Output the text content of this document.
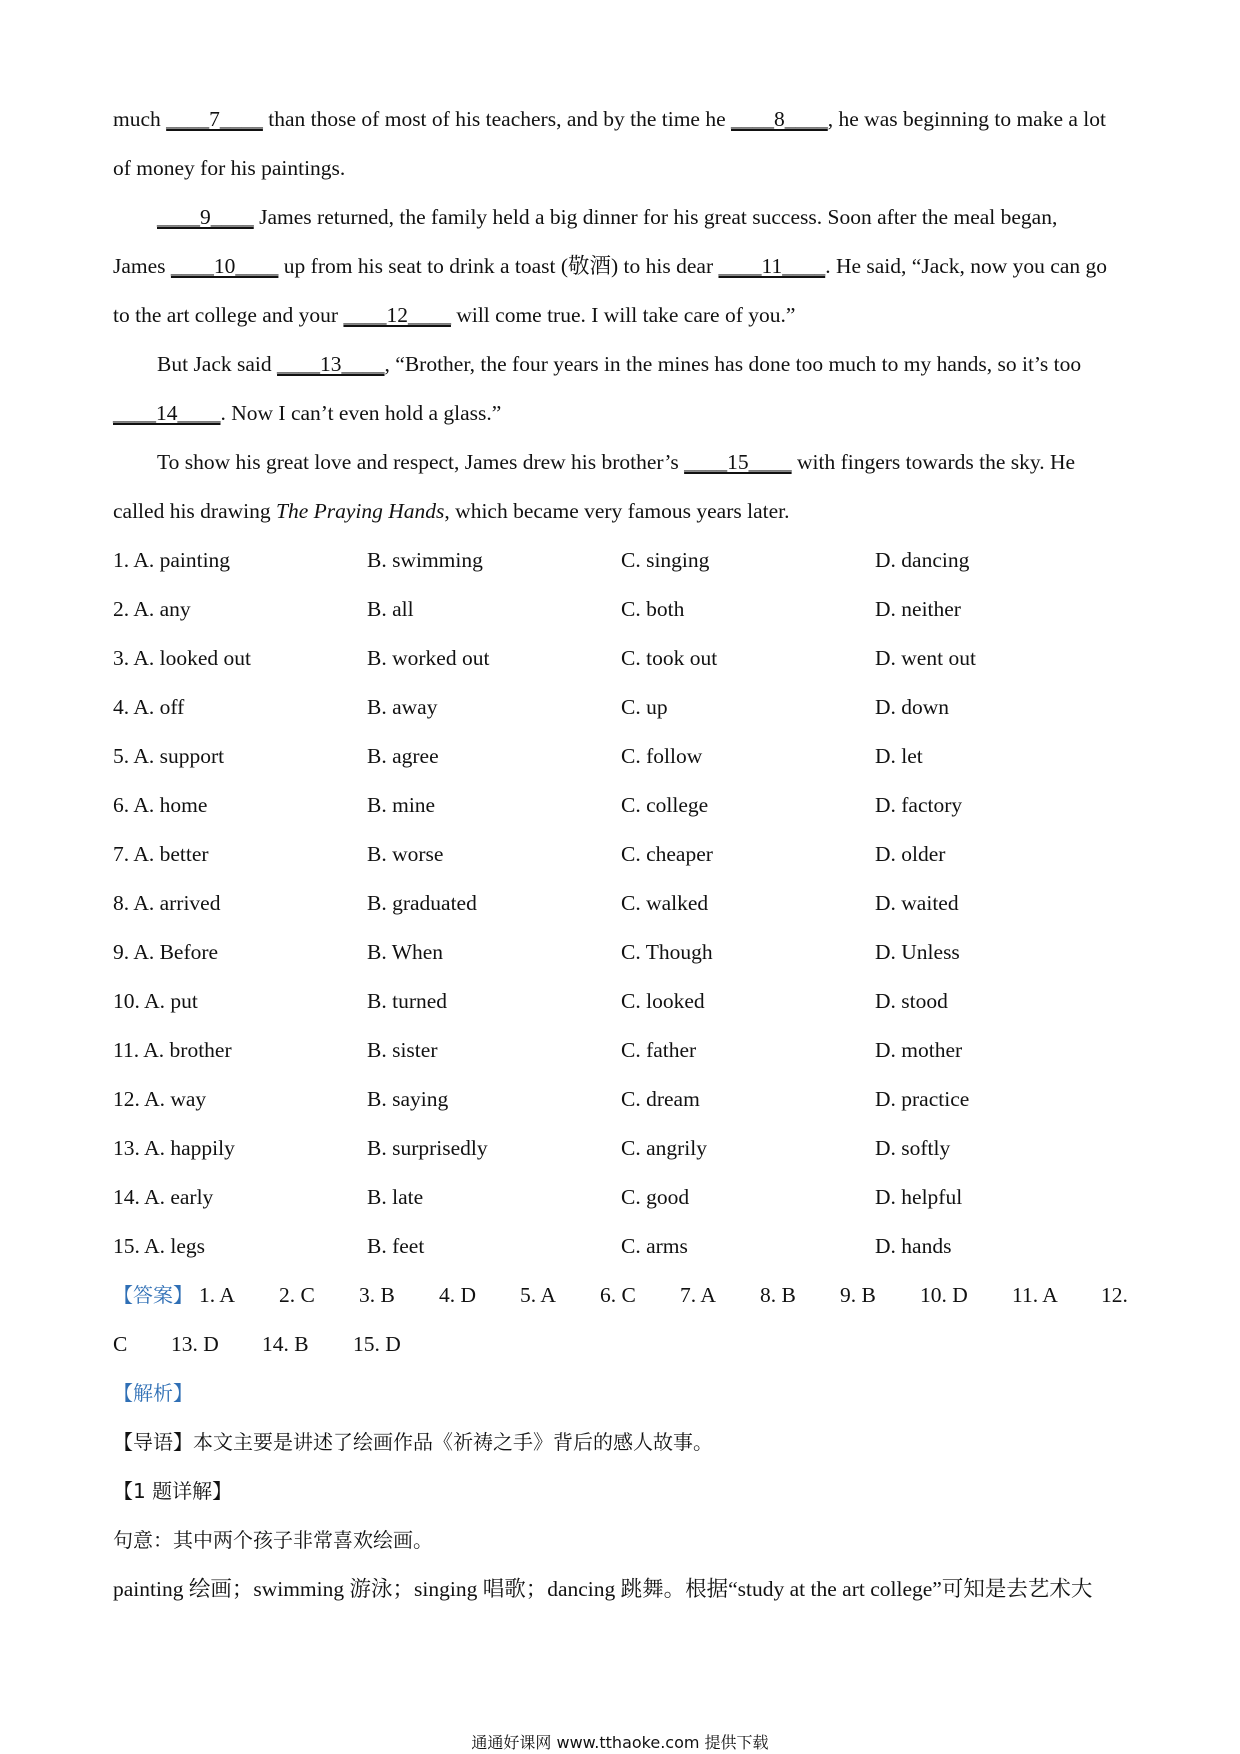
much ____7____ than those of most of his teachers, and by the time he ____8____, he was beginning to make a lot
of money for his paintings.
____9____ James returned, the family held a big dinner for his great success. Soon after the meal began,
James ____10____ up from his seat to drink a toast (敬酒) to his dear ____11____. He said, “Jack, now you can go
to the art college and your ____12____ will come true. I will take care of you.”
But Jack said ____13____, “Brother, the four years in the mines has done too much to my hands, so it’s too
____14____. Now I can’t even hold a glass.”
To show his great love and respect, James drew his brother’s ____15____ with fingers towards the sky. He
called his drawing The Praying Hands, which became very famous years later.
1. A. painting	B. swimming	C. singing	D. dancing
2. A. any	B. all	C. both	D. neither
3. A. looked out	B. worked out	C. took out	D. went out
4. A. off	B. away	C. up	D. down
5. A. support	B. agree	C. follow	D. let
6. A. home	B. mine	C. college	D. factory
7. A. better	B. worse	C. cheaper	D. older
8. A. arrived	B. graduated	C. walked	D. waited
9. A. Before	B. When	C. Though	D. Unless
10. A. put	B. turned	C. looked	D. stood
11. A. brother	B. sister	C. father	D. mother
12. A. way	B. saying	C. dream	D. practice
13. A. happily	B. surprisedly	C. angrily	D. softly
14. A. early	B. late	C. good	D. helpful
15. A. legs	B. feet	C. arms	D. hands
【答案】 1. A 2. C 3. B 4. D 5. A 6. C 7. A 8. B 9. B 10. D 11. A 12.
C 13. D 14. B 15. D
【解析】
【导语】本文主要是讲述了绘画作品《祈祷之手》背后的感人故事。
【1 题详解】
句意：其中两个孩子非常喜欢绘画。
painting 绘画；swimming 游泳；singing 唱歌；dancing 跳舞。根据“study at the art college”可知是去艺术大
通通好课网 www.tthaoke.com 提供下载
